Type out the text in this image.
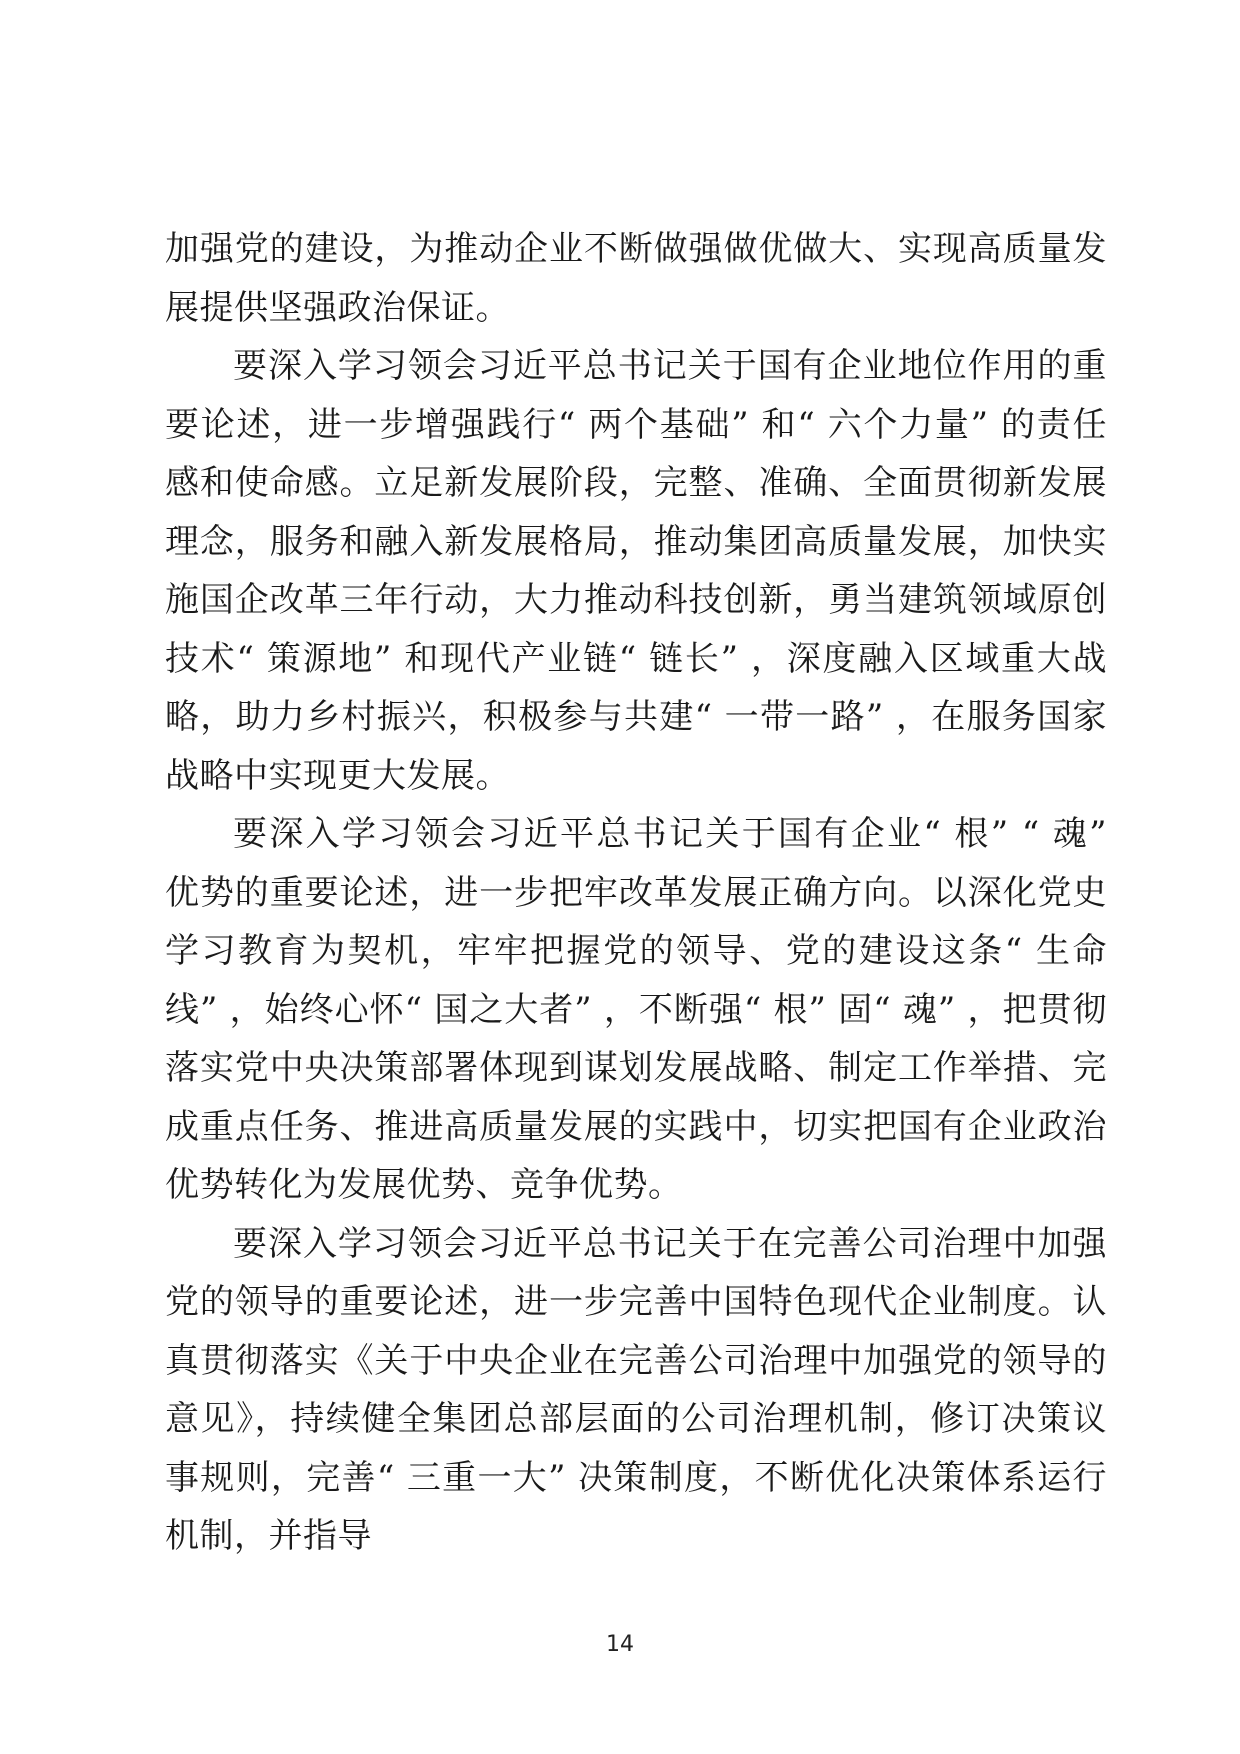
加强党的建设，为推动企业不断做强做优做大、实现高质量发展提供坚强政治保证。

要深入学习领会习近平总书记关于国有企业地位作用的重要论述，进一步增强践行“ 两个基础” 和“ 六个力量” 的责任感和使命感。立足新发展阶段，完整、准确、全面贯彻新发展理念，服务和融入新发展格局，推动集团高质量发展，加快实施国企改革三年行动，大力推动科技创新，勇当建筑领域原创技术“ 策源地” 和现代产业链“ 链长” ，深度融入区域重大战略，助力乡村振兴，积极参与共建“ 一带一路” ，在服务国家战略中实现更大发展。

要深入学习领会习近平总书记关于国有企业“ 根” “ 魂” 优势的重要论述，进一步把牢改革发展正确方向。以深化党史学习教育为契机，牢牢把握党的领导、党的建设这条“ 生命线” ，始终心怀“ 国之大者” ，不断强“ 根” 固“ 魂” ，把贯彻落实党中央决策部署体现到谋划发展战略、制定工作举措、完成重点任务、推进高质量发展的实践中，切实把国有企业政治优势转化为发展优势、竞争优势。

要深入学习领会习近平总书记关于在完善公司治理中加强党的领导的重要论述，进一步完善中国特色现代企业制度。认真贯彻落实《关于中央企业在完善公司治理中加强党的领导的意见》，持续健全集团总部层面的公司治理机制，修订决策议事规则，完善“ 三重一大” 决策制度，不断优化决策体系运行机制，并指导

14
